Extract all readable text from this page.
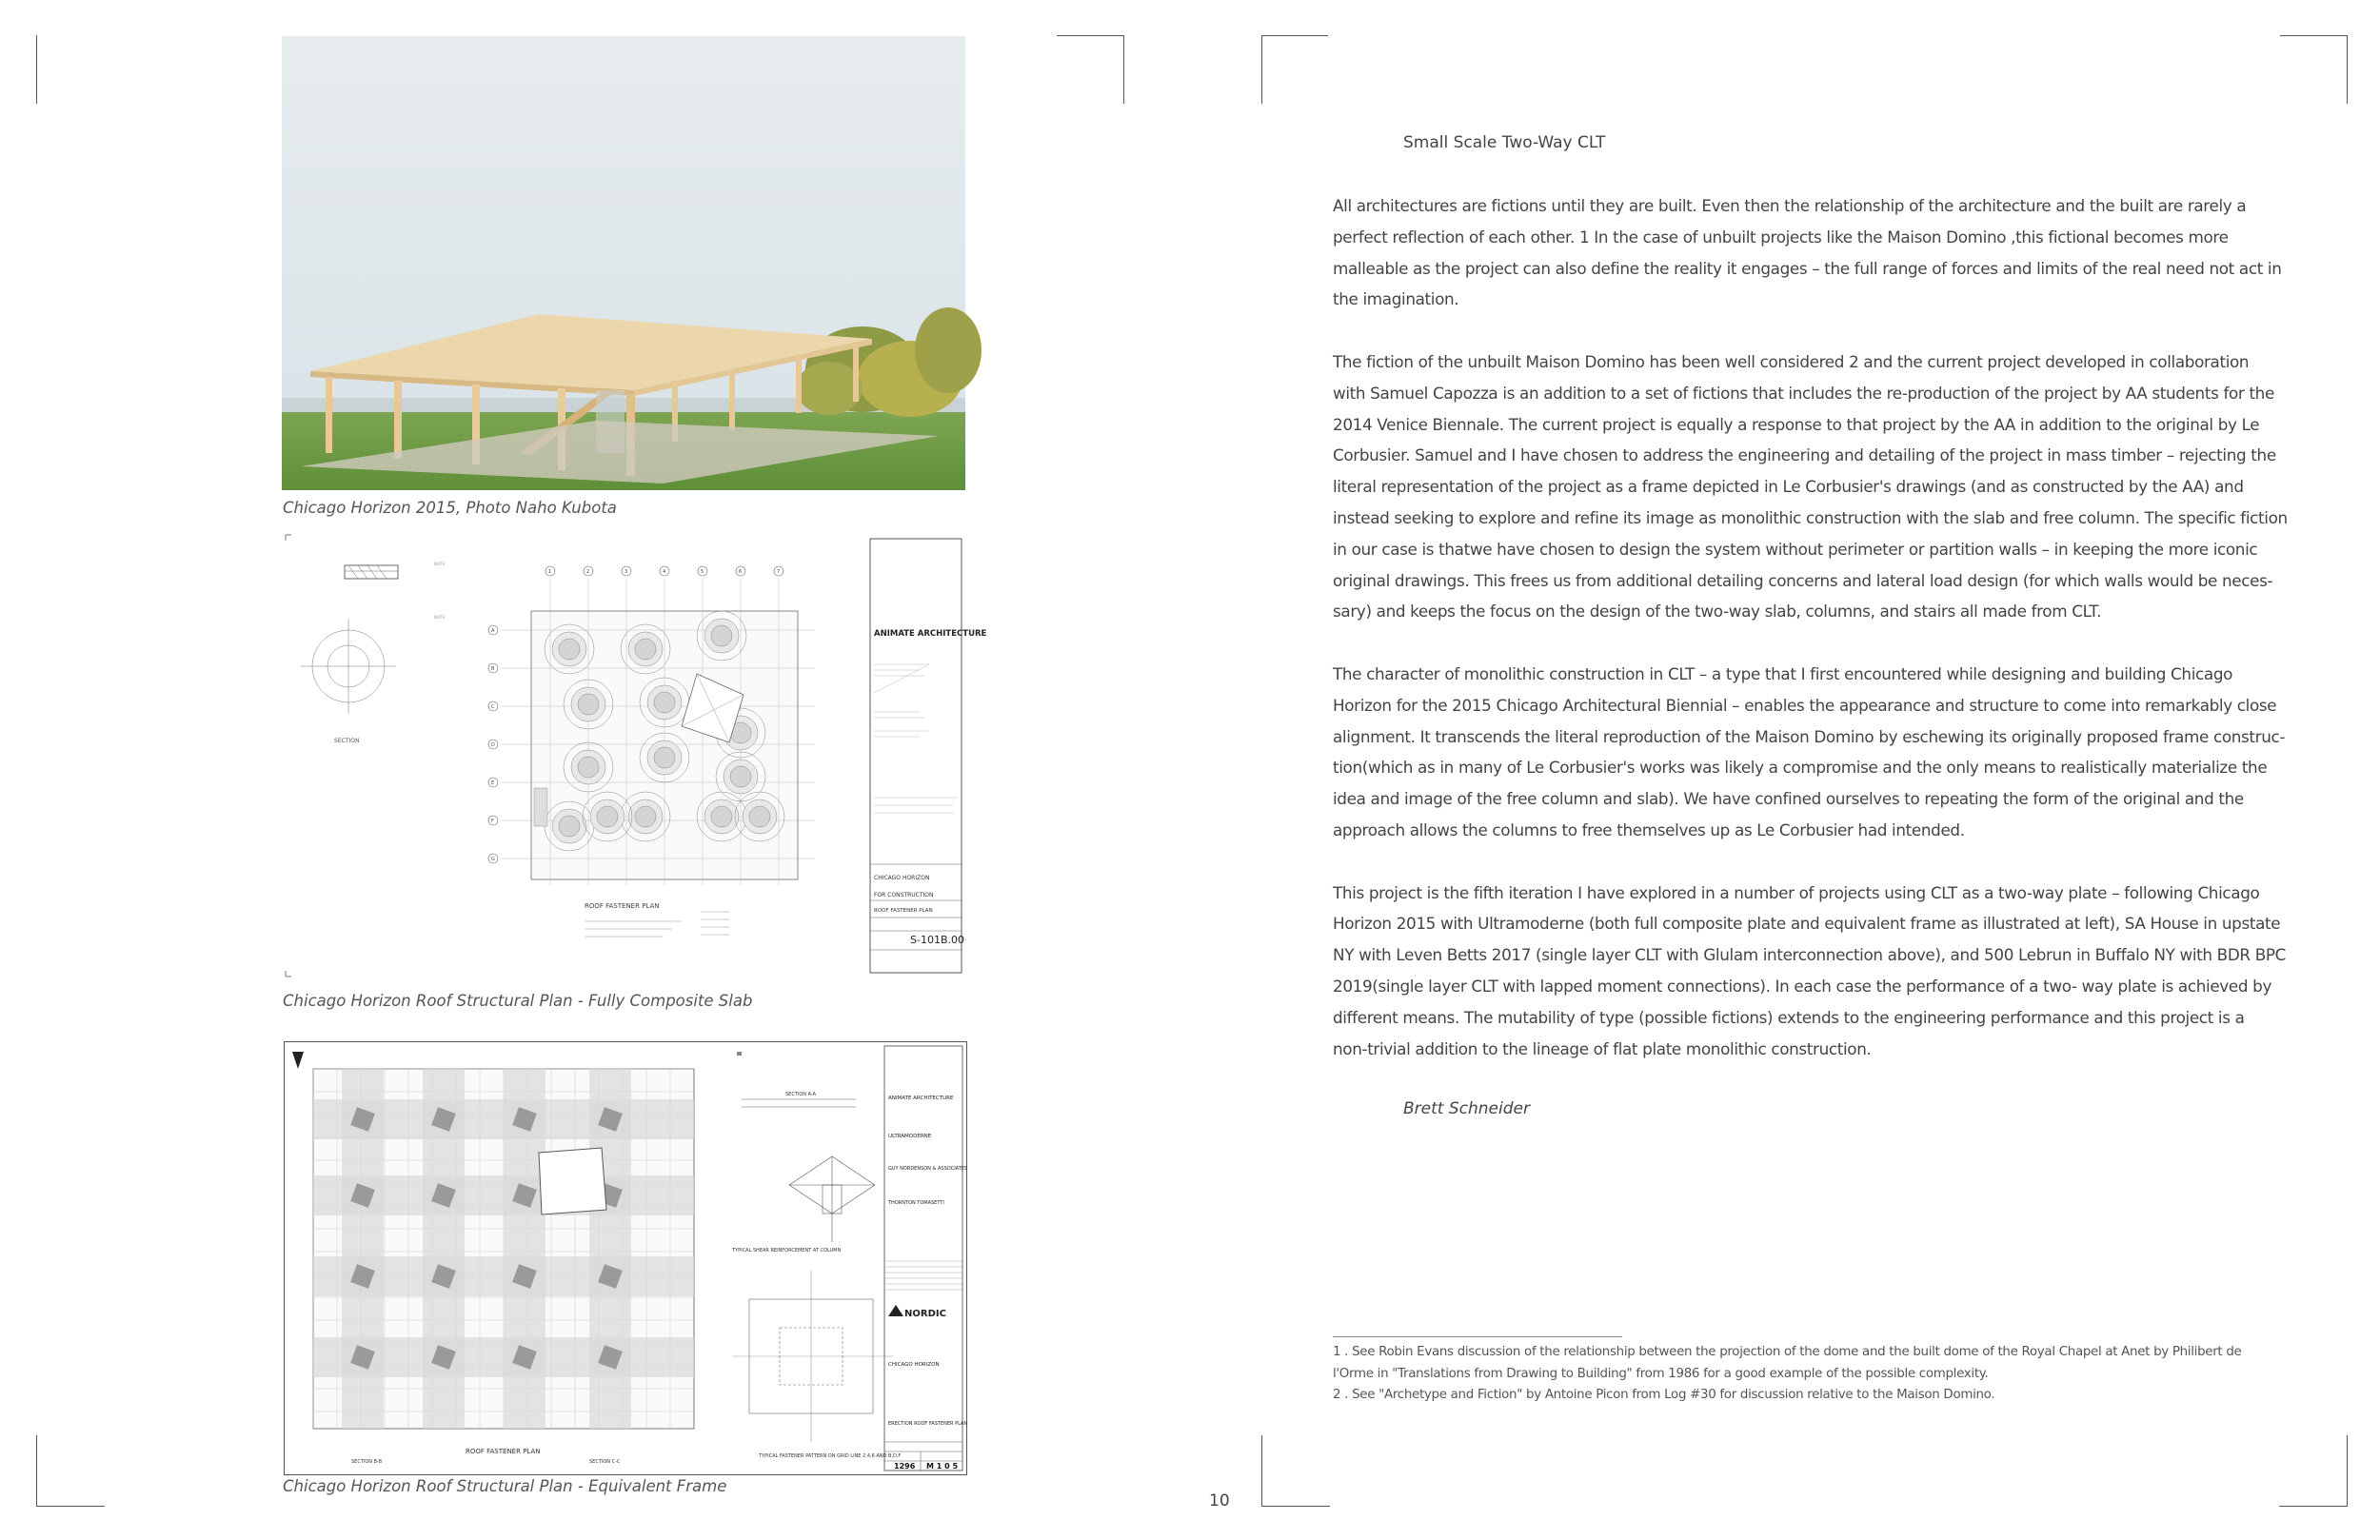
Chicago Horizon 2015, Photo Naho Kubota
SECTION
NOTE
NOTE
1	2	3	4	5	6	7
A
B
C
D
E
F
G
ROOF FASTENER PLAN
ANIMATE ARCHITECTURE
CHICAGO HORIZON
FOR CONSTRUCTION
ROOF FASTENER PLAN
S-101B.00
Chicago Horizon Roof Structural Plan - Fully Composite Slab
ROOF FASTENER PLAN
SECTION B-B	SECTION C-C
SECTION A-A
TYPICAL SHEAR REINFORCEMENT AT COLUMN
TYPICAL FASTENER PATTERN ON GRID LINE 2,4,6 AND B,D,F
ANIMATE ARCHITECTURE
ULTRAMODERNE
GUY NORDENSON & ASSOCIATES
THORNTON TOMASETTI
NORDIC
CHICAGO HORIZON
ERECTION ROOF FASTENER PLAN
1296 M 1 0 5
Chicago Horizon Roof Structural Plan - Equivalent Frame
Small Scale Two-Way CLT

All architectures are fictions until they are built. Even then the relationship of the architecture and the built are rarely a
perfect reflection of each other. 1 In the case of unbuilt projects like the Maison Domino ,this fictional becomes more
malleable as the project can also define the reality it engages – the full range of forces and limits of the real need not act in
the imagination.

The fiction of the unbuilt Maison Domino has been well considered 2 and the current project developed in collaboration
with Samuel Capozza is an addition to a set of fictions that includes the re-production of the project by AA students for the
2014 Venice Biennale. The current project is equally a response to that project by the AA in addition to the original by Le
Corbusier. Samuel and I have chosen to address the engineering and detailing of the project in mass timber – rejecting the
literal representation of the project as a frame depicted in Le Corbusier's drawings (and as constructed by the AA) and
instead seeking to explore and refine its image as monolithic construction with the slab and free column. The specific fiction
in our case is thatwe have chosen to design the system without perimeter or partition walls – in keeping the more iconic
original drawings. This frees us from additional detailing concerns and lateral load design (for which walls would be neces-
sary) and keeps the focus on the design of the two-way slab, columns, and stairs all made from CLT.

The character of monolithic construction in CLT – a type that I first encountered while designing and building Chicago
Horizon for the 2015 Chicago Architectural Biennial – enables the appearance and structure to come into remarkably close
alignment. It transcends the literal reproduction of the Maison Domino by eschewing its originally proposed frame construc-
tion(which as in many of Le Corbusier's works was likely a compromise and the only means to realistically materialize the
idea and image of the free column and slab). We have confined ourselves to repeating the form of the original and the
approach allows the columns to free themselves up as Le Corbusier had intended.

This project is the fifth iteration I have explored in a number of projects using CLT as a two-way plate – following Chicago
Horizon 2015 with Ultramoderne (both full composite plate and equivalent frame as illustrated at left), SA House in upstate
NY with Leven Betts 2017 (single layer CLT with Glulam interconnection above), and 500 Lebrun in Buffalo NY with BDR BPC
2019(single layer CLT with lapped moment connections). In each case the performance of a two- way plate is achieved by
different means. The mutability of type (possible fictions) extends to the engineering performance and this project is a
non-trivial addition to the lineage of flat plate monolithic construction.

Brett Schneider
1 . See Robin Evans discussion of the relationship between the projection of the dome and the built dome of the Royal Chapel at Anet by Philibert de
l'Orme in "Translations from Drawing to Building" from 1986 for a good example of the possible complexity.
2 . See "Archetype and Fiction" by Antoine Picon from Log #30 for discussion relative to the Maison Domino.
10
